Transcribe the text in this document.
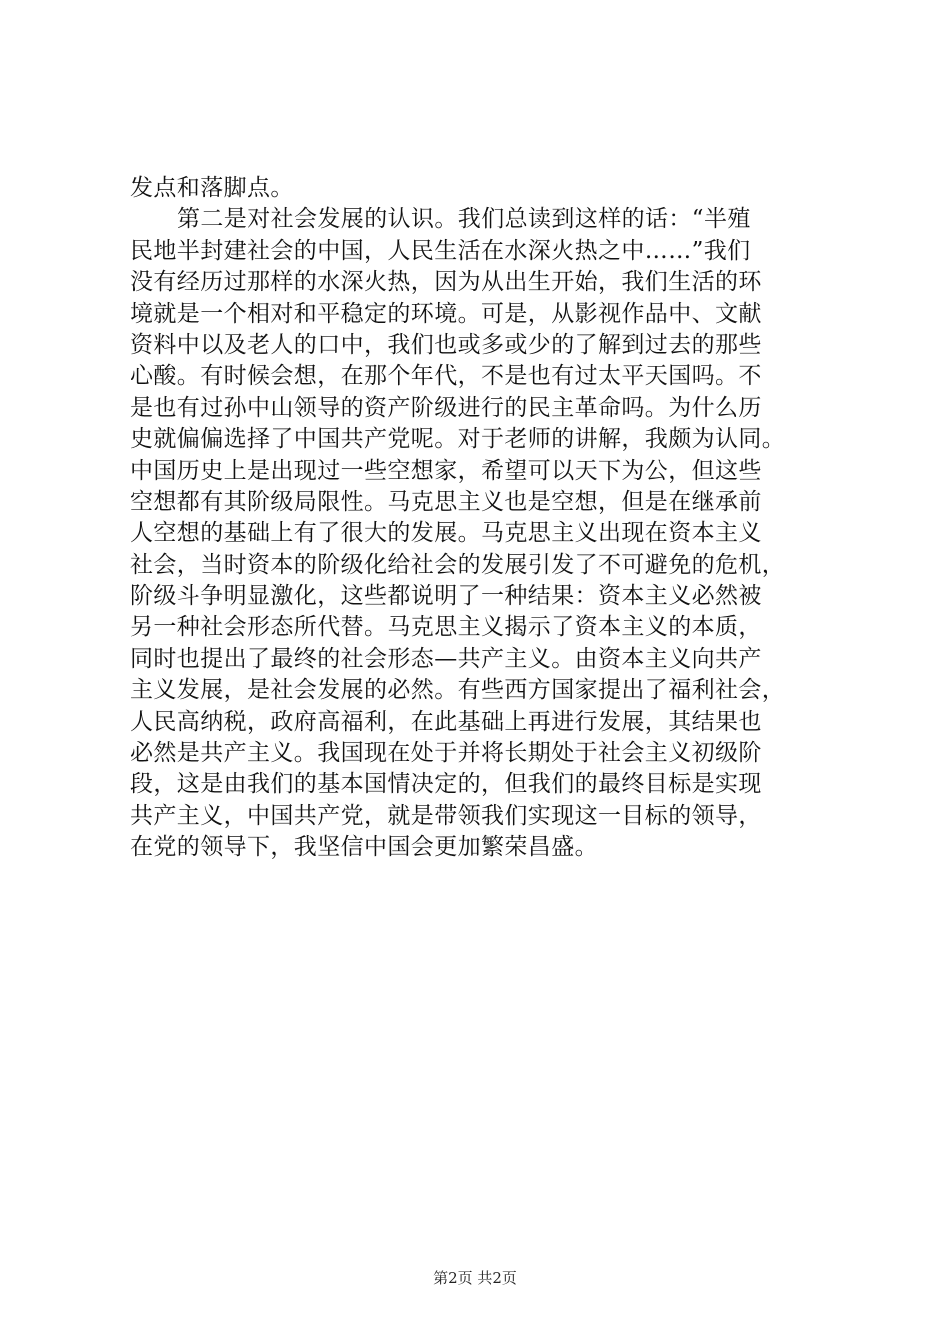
发点和落脚点。
第二是对社会发展的认识。我们总读到这样的话：“半殖
民地半封建社会的中国，人民生活在水深火热之中……”我们
没有经历过那样的水深火热，因为从出生开始，我们生活的环
境就是一个相对和平稳定的环境。可是，从影视作品中、文献
资料中以及老人的口中，我们也或多或少的了解到过去的那些
心酸。有时候会想，在那个年代，不是也有过太平天国吗。不
是也有过孙中山领导的资产阶级进行的民主革命吗。为什么历
史就偏偏选择了中国共产党呢。对于老师的讲解，我颇为认同。
中国历史上是出现过一些空想家，希望可以天下为公，但这些
空想都有其阶级局限性。马克思主义也是空想，但是在继承前
人空想的基础上有了很大的发展。马克思主义出现在资本主义
社会，当时资本的阶级化给社会的发展引发了不可避免的危机，
阶级斗争明显激化，这些都说明了一种结果：资本主义必然被
另一种社会形态所代替。马克思主义揭示了资本主义的本质，
同时也提出了最终的社会形态—共产主义。由资本主义向共产
主义发展，是社会发展的必然。有些西方国家提出了福利社会，
人民高纳税，政府高福利，在此基础上再进行发展，其结果也
必然是共产主义。我国现在处于并将长期处于社会主义初级阶
段，这是由我们的基本国情决定的，但我们的最终目标是实现
共产主义，中国共产党，就是带领我们实现这一目标的领导，
在党的领导下，我坚信中国会更加繁荣昌盛。
第2页 共2页
